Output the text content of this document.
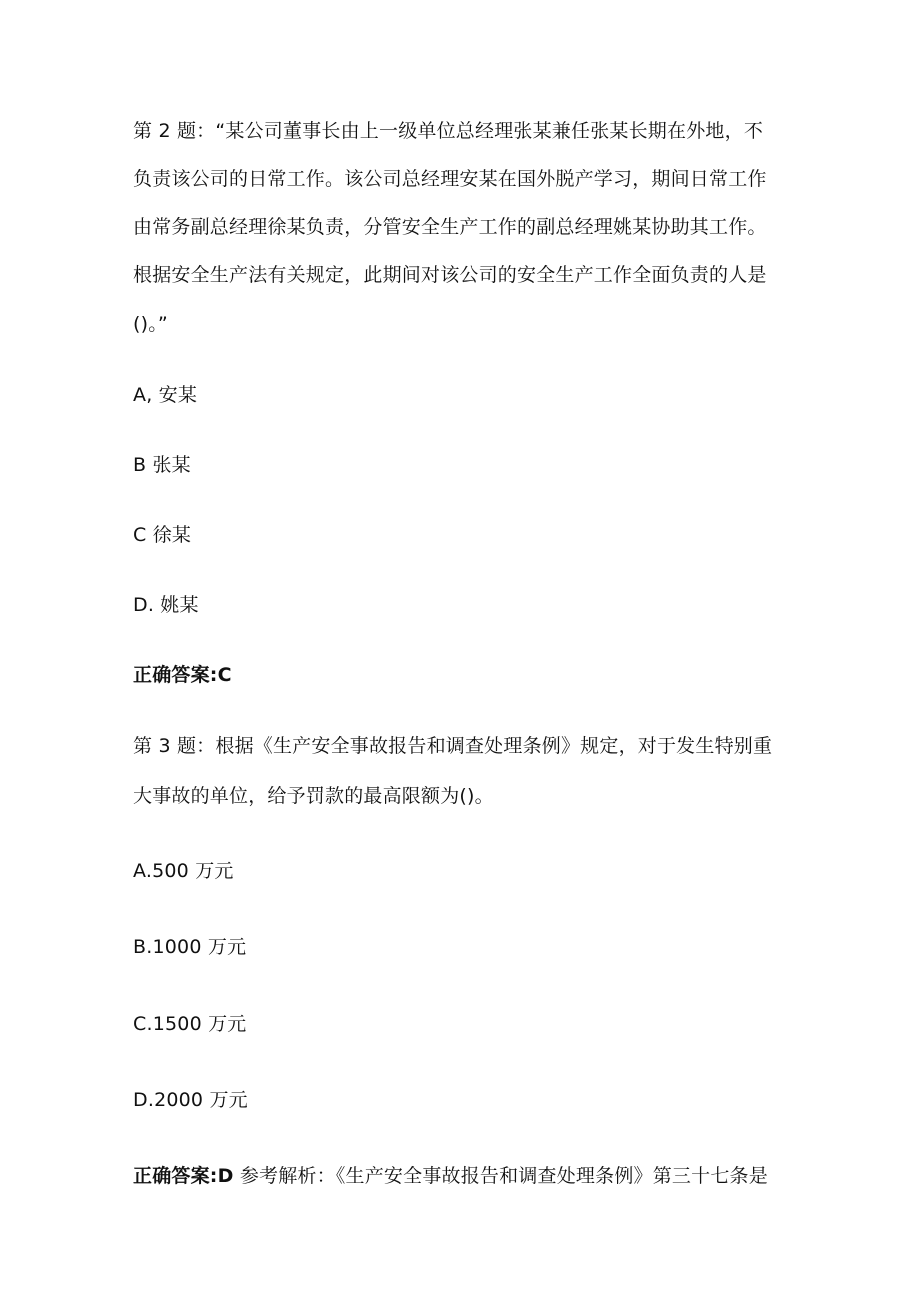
第 2 题：“某公司董事长由上一级单位总经理张某兼任张某长期在外地，不
负责该公司的日常工作。该公司总经理安某在国外脱产学习，期间日常工作
由常务副总经理徐某负责，分管安全生产工作的副总经理姚某协助其工作。
根据安全生产法有关规定，此期间对该公司的安全生产工作全面负责的人是
()。”
A, 安某
B 张某
C 徐某
D. 姚某
正确答案:C
第 3 题：根据《生产安全事故报告和调查处理条例》规定，对于发生特别重
大事故的单位，给予罚款的最高限额为()。
A.500 万元
B.1000 万元
C.1500 万元
D.2000 万元
正确答案:D 参考解析：《生产安全事故报告和调查处理条例》第三十七条是
